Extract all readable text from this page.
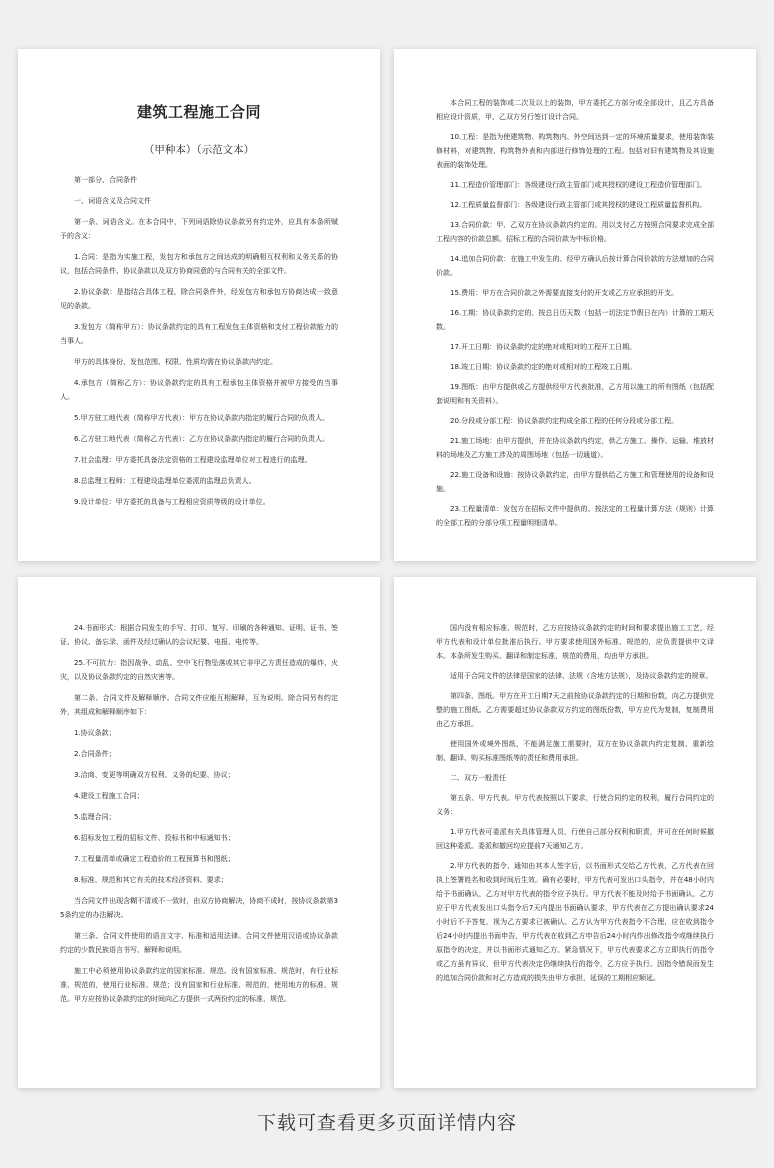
建筑工程施工合同
（甲种本）（示范文本）

第一部分、合同条件

一、词语含义及合同文件

第一条、词语含义。在本合同中，下列词语除协议条款另有约定外，应具有本条所赋予的含义：

1.合同：是指为实施工程，发包方和承包方之间达成的明确相互权利和义务关系的协议，包括合同条件、协议条款以及双方协商同意的与合同有关的全部文件。

2.协议条款：是指结合具体工程，除合同条件外，经发包方和承包方协商达成一致意见的条款。

3.发包方（简称甲方）：协议条款约定的具有工程发包主体资格和支付工程价款能力的当事人。

甲方的具体身份、发包范围、权限、性质均需在协议条款内约定。

4.承包方（简称乙方）：协议条款约定的具有工程承包主体资格并被甲方接受的当事人。

5.甲方驻工地代表（简称甲方代表）：甲方在协议条款内指定的履行合同的负责人。

6.乙方驻工地代表（简称乙方代表）：乙方在协议条款内指定的履行合同的负责人。

7.社会监理：甲方委托具备法定资格的工程建设监理单位对工程进行的监理。

8.总监理工程师：工程建设监理单位委派的监理总负责人。

9.设计单位：甲方委托的具备与工程相应资质等级的设计单位。

本合同工程的装饰或二次及以上的装饰，甲方委托乙方部分或全部设计，且乙方具备相应设计资质，甲、乙双方另行签订设计合同。

10.工程：是指为使建筑物、构筑物内、外空间达到一定的环境质量要求，使用装饰装修材料，对建筑物、构筑物外表和内部进行修饰处理的工程。包括对旧有建筑物及其设施表面的装饰处理。

11.工程造价管理部门：各级建设行政主管部门或其授权的建设工程造价管理部门。

12.工程质量监督部门：各级建设行政主管部门或其授权的建设工程质量监督机构。

13.合同价款：甲、乙双方在协议条款内约定的、用以支付乙方按照合同要求完成全部工程内容的价款总额。招标工程的合同价款为中标价格。

14.追加合同价款：在施工中发生的、经甲方确认后按计算合同价款的方法增加的合同价款。

15.费用：甲方在合同价款之外需要直接支付的开支或乙方应承担的开支。

16.工期：协议条款约定的、按总日历天数（包括一切法定节假日在内）计算的工期天数。

17.开工日期：协议条款约定的绝对或相对的工程开工日期。

18.竣工日期：协议条款约定的绝对或相对的工程竣工日期。

19.图纸：由甲方提供或乙方提供经甲方代表批准，乙方用以施工的所有图纸（包括配套说明和有关资料）。

20.分段或分部工程：协议条款约定构成全部工程的任何分段或分部工程。

21.施工场地：由甲方提供，并在协议条款内约定，供乙方施工、操作、运输、堆放材料的场地及乙方施工涉及的周围场地（包括一切通道）。

22.施工设备和设施：按协议条款约定，由甲方提供给乙方施工和管理使用的设备和设施。

23.工程量清单：发包方在招标文件中提供的、按法定的工程量计算方法（规则）计算的全部工程的分部分项工程量明细清单。

24.书面形式：根据合同发生的手写、打印、复写、印刷的各种通知、证明、证书、签证、协议、备忘录、函件及经过确认的会议纪要、电报、电传等。

25.不可抗力：指因战争、动乱、空中飞行物坠落或其它非甲乙方责任造成的爆炸、火灾，以及协议条款约定的自然灾害等。

第二条、合同文件及解释顺序。合同文件应能互相解释，互为说明。除合同另有约定外，其组成和解释顺序如下：

1.协议条款；

2.合同条件；

3.洽商、变更等明确双方权利、义务的纪要、协议；

4.建设工程施工合同；

5.监理合同；

6.招标发包工程的招标文件、投标书和中标通知书；

7.工程量清单或确定工程造价的工程预算书和图纸；

8.标准、规范和其它有关的技术经济资料、要求；

当合同文件出现含糊不清或不一致时，由双方协商解决，协商不成时，按协议条款第35条约定的办法解决。

第三条、合同文件使用的语言文字、标准和适用法律。合同文件使用汉语或协议条款约定的少数民族语言书写、解释和说明。

施工中必须使用协议条款约定的国家标准、规范。没有国家标准、规范时，有行业标准、规范的，使用行业标准、规范；没有国家和行业标准、规范的，使用地方的标准、规范。甲方应按协议条款约定的时间向乙方提供一式两份约定的标准、规范。

国内没有相应标准、规范时，乙方应按协议条款约定的时间和要求提出施工工艺，经甲方代表和设计单位批准后执行。甲方要求使用国外标准、规范的，应负责提供中文译本。本条所发生购买、翻译和制定标准、规范的费用，均由甲方承担。

适用于合同文件的法律是国家的法律、法规（含地方法规），及协议条款约定的规章。

第四条、图纸。甲方在开工日期7天之前按协议条款约定的日期和份数，向乙方提供完整的施工图纸。乙方需要超过协议条款双方约定的图纸份数，甲方应代为复制，复制费用由乙方承担。

使用国外或境外图纸，不能满足施工需要时，双方在协议条款内约定复制、重新绘制、翻译、购买标准图纸等的责任和费用承担。

二、双方一般责任

第五条、甲方代表。甲方代表按照以下要求，行使合同约定的权利，履行合同约定的义务：

1.甲方代表可委派有关具体管理人员，行使自己部分权利和职责，并可在任何时候撤回这种委派。委派和撤回均应提前7天通知乙方。

2.甲方代表的指令、通知由其本人签字后，以书面形式交给乙方代表，乙方代表在回执上签署姓名和收到时间后生效。确有必要时，甲方代表可发出口头指令，并在48小时内给予书面确认，乙方对甲方代表的指令应予执行。甲方代表不能及时给予书面确认，乙方应于甲方代表发出口头指令后7天内提出书面确认要求，甲方代表在乙方提出确认要求24小时后不予答复，视为乙方要求已被确认。乙方认为甲方代表指令不合理，应在收到指令后24小时内提出书面申告，甲方代表在收到乙方申告后24小时内作出修改指令或继续执行原指令的决定，并以书面形式通知乙方。紧急情况下，甲方代表要求乙方立即执行的指令或乙方虽有异议，但甲方代表决定仍继续执行的指令，乙方应予执行。因指令错误而发生的追加合同价款和对乙方造成的损失由甲方承担，延误的工期相应顺延。

下载可查看更多页面详情内容
